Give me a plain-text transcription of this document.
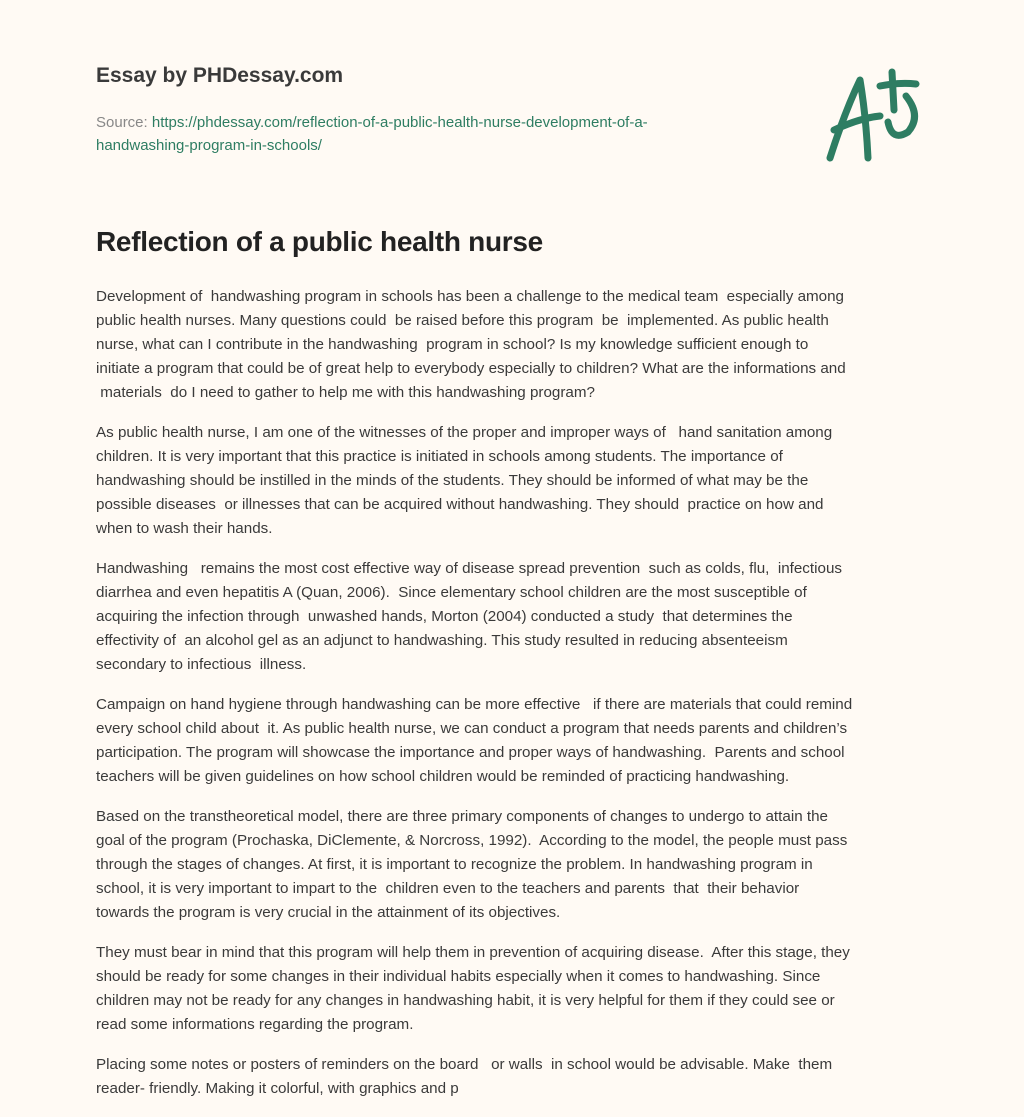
Essay by PHDessay.com
Source: https://phdessay.com/reflection-of-a-public-health-nurse-development-of-a-
handwashing-program-in-schools/
Reflection of a public health nurse

Development of  handwashing program in schools has been a challenge to the medical team  especially among
public health nurses. Many questions could  be raised before this program  be  implemented. As public health
nurse, what can I contribute in the handwashing  program in school? Is my knowledge sufficient enough to
initiate a program that could be of great help to everybody especially to children? What are the informations and
materials  do I need to gather to help me with this handwashing program?

As public health nurse, I am one of the witnesses of the proper and improper ways of   hand sanitation among
children. It is very important that this practice is initiated in schools among students. The importance of
handwashing should be instilled in the minds of the students. They should be informed of what may be the
possible diseases  or illnesses that can be acquired without handwashing. They should  practice on how and
when to wash their hands.

Handwashing   remains the most cost effective way of disease spread prevention  such as colds, flu,  infectious
diarrhea and even hepatitis A (Quan, 2006).  Since elementary school children are the most susceptible of
acquiring the infection through  unwashed hands, Morton (2004) conducted a study  that determines the
effectivity of  an alcohol gel as an adjunct to handwashing. This study resulted in reducing absenteeism
secondary to infectious  illness.

Campaign on hand hygiene through handwashing can be more effective   if there are materials that could remind
every school child about  it. As public health nurse, we can conduct a program that needs parents and children’s
participation. The program will showcase the importance and proper ways of handwashing.  Parents and school
teachers will be given guidelines on how school children would be reminded of practicing handwashing.

Based on the transtheoretical model, there are three primary components of changes to undergo to attain the
goal of the program (Prochaska, DiClemente, & Norcross, 1992).  According to the model, the people must pass
through the stages of changes. At first, it is important to recognize the problem. In handwashing program in
school, it is very important to impart to the  children even to the teachers and parents  that  their behavior
towards the program is very crucial in the attainment of its objectives.

They must bear in mind that this program will help them in prevention of acquiring disease.  After this stage, they
should be ready for some changes in their individual habits especially when it comes to handwashing. Since
children may not be ready for any changes in handwashing habit, it is very helpful for them if they could see or
read some informations regarding the program.

Placing some notes or posters of reminders on the board   or walls  in school would be advisable. Make  them
reader- friendly. Making it colorful, with graphics and p
